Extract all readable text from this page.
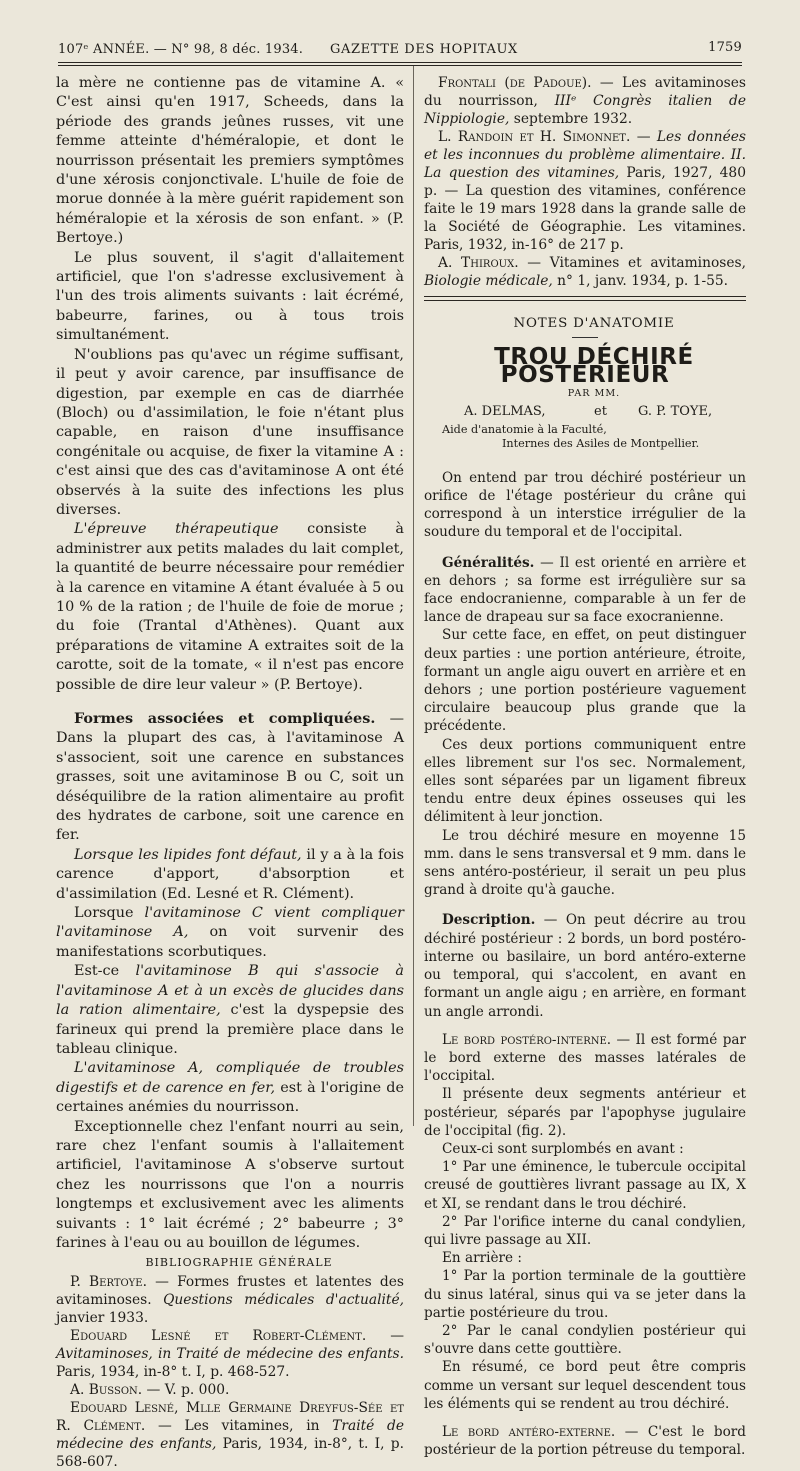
107ᵉ ANNÉE. — N° 98, 8 déc. 1934. GAZETTE DES HOPITAUX	1759

la mère ne contienne pas de vitamine A. « C'est ainsi qu'en 1917, Scheeds, dans la période des grands jeûnes russes, vit une femme atteinte d'héméralopie, et dont le nourrisson présentait les premiers symptômes d'une xérosis conjonctivale. L'huile de foie de morue donnée à la mère guérit rapidement son héméralopie et la xérosis de son enfant. » (P. Bertoye.)

Le plus souvent, il s'agit d'allaitement artificiel, que l'on s'adresse exclusivement à l'un des trois aliments suivants : lait écrémé, babeurre, farines, ou à tous trois simultanément.

N'oublions pas qu'avec un régime suffisant, il peut y avoir carence, par insuffisance de digestion, par exemple en cas de diarrhée (Bloch) ou d'assimilation, le foie n'étant plus capable, en raison d'une insuffisance congénitale ou acquise, de fixer la vitamine A : c'est ainsi que des cas d'avitaminose A ont été observés à la suite des infections les plus diverses.

L'épreuve thérapeutique consiste à administrer aux petits malades du lait complet, la quantité de beurre nécessaire pour remédier à la carence en vitamine A étant évaluée à 5 ou 10 % de la ration ; de l'huile de foie de morue ; du foie (Trantal d'Athènes). Quant aux préparations de vitamine A extraites soit de la carotte, soit de la tomate, « il n'est pas encore possible de dire leur valeur » (P. Bertoye).

Formes associées et compliquées. — Dans la plupart des cas, à l'avitaminose A s'associent, soit une carence en substances grasses, soit une avitaminose B ou C, soit un déséquilibre de la ration alimentaire au profit des hydrates de carbone, soit une carence en fer.

Lorsque les lipides font défaut, il y a à la fois carence d'apport, d'absorption et d'assimilation (Ed. Lesné et R. Clément).

Lorsque l'avitaminose C vient compliquer l'avitaminose A, on voit survenir des manifestations scorbutiques.

Est-ce l'avitaminose B qui s'associe à l'avitaminose A et à un excès de glucides dans la ration alimentaire, c'est la dyspepsie des farineux qui prend la première place dans le tableau clinique.

L'avitaminose A, compliquée de troubles digestifs et de carence en fer, est à l'origine de certaines anémies du nourrisson.

Exceptionnelle chez l'enfant nourri au sein, rare chez l'enfant soumis à l'allaitement artificiel, l'avitaminose A s'observe surtout chez les nourrissons que l'on a nourris longtemps et exclusivement avec les aliments suivants : 1° lait écrémé ; 2° babeurre ; 3° farines à l'eau ou au bouillon de légumes.

BIBLIOGRAPHIE GÉNÉRALE

P. Bertoye. — Formes frustes et latentes des avitaminoses. Questions médicales d'actualité, janvier 1933.

Edouard Lesné et Robert-Clément. — Avitaminoses, in Traité de médecine des enfants. Paris, 1934, in-8° t. I, p. 468-527.

A. Busson. — V. p. 000.

Edouard Lesné, Mlle Germaine Dreyfus-Sée et R. Clément. — Les vitamines, in Traité de médecine des enfants, Paris, 1934, in-8°, t. I, p. 568-607.

Frontali (de Padoue). — Les avitaminoses du nourrisson, IIIᵉ Congrès italien de Nippiologie, septembre 1932.

L. Randoin et H. Simonnet. — Les données et les inconnues du problème alimentaire. II. La question des vitamines, Paris, 1927, 480 p. — La question des vitamines, conférence faite le 19 mars 1928 dans la grande salle de la Société de Géographie. Les vitamines. Paris, 1932, in-16° de 217 p.

A. Thiroux. — Vitamines et avitaminoses, Biologie médicale, n° 1, janv. 1934, p. 1-55.

NOTES D'ANATOMIE

TROU DÉCHIRÉ POSTÉRIEUR

PAR MM.

A. DELMAS,	et G. P. TOYE,

Aide d'anatomie à la Faculté,

Internes des Asiles de Montpellier.

On entend par trou déchiré postérieur un orifice de l'étage postérieur du crâne qui correspond à un interstice irrégulier de la soudure du temporal et de l'occipital.

Généralités. — Il est orienté en arrière et en dehors ; sa forme est irrégulière sur sa face endocranienne, comparable à un fer de lance de drapeau sur sa face exocranienne.

Sur cette face, en effet, on peut distinguer deux parties : une portion antérieure, étroite, formant un angle aigu ouvert en arrière et en dehors ; une portion postérieure vaguement circulaire beaucoup plus grande que la précédente.

Ces deux portions communiquent entre elles librement sur l'os sec. Normalement, elles sont séparées par un ligament fibreux tendu entre deux épines osseuses qui les délimitent à leur jonction.

Le trou déchiré mesure en moyenne 15 mm. dans le sens transversal et 9 mm. dans le sens antéro-postérieur, il serait un peu plus grand à droite qu'à gauche.

Description. — On peut décrire au trou déchiré postérieur : 2 bords, un bord postéro-interne ou basilaire, un bord antéro-externe ou temporal, qui s'accolent, en avant en formant un angle aigu ; en arrière, en formant un angle arrondi.

Le bord postéro-interne. — Il est formé par le bord externe des masses latérales de l'occipital.

Il présente deux segments antérieur et postérieur, séparés par l'apophyse jugulaire de l'occipital (fig. 2).

Ceux-ci sont surplombés en avant :

1° Par une éminence, le tubercule occipital creusé de gouttières livrant passage au IX, X et XI, se rendant dans le trou déchiré.

2° Par l'orifice interne du canal condylien, qui livre passage au XII.

En arrière :

1° Par la portion terminale de la gouttière du sinus latéral, sinus qui va se jeter dans la partie postérieure du trou.

2° Par le canal condylien postérieur qui s'ouvre dans cette gouttière.

En résumé, ce bord peut être compris comme un versant sur lequel descendent tous les éléments qui se rendent au trou déchiré.

Le bord antéro-externe. — C'est le bord postérieur de la portion pétreuse du temporal.
